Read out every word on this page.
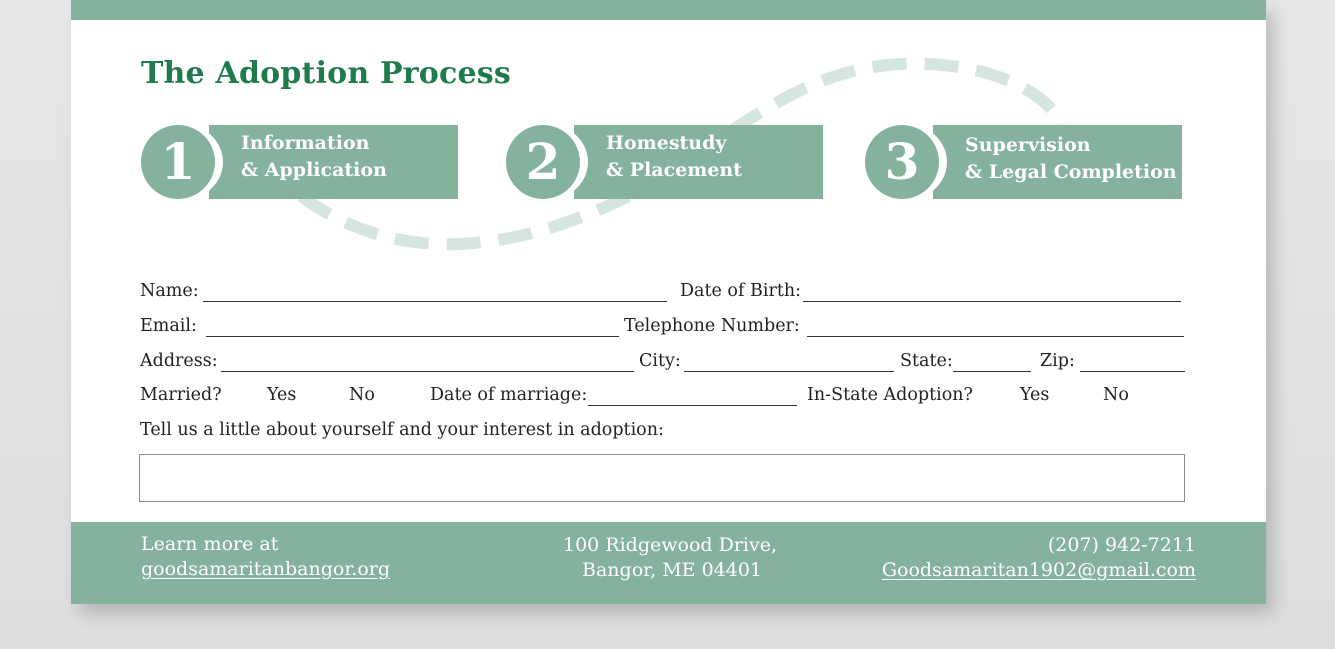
The Adoption Process
1	Information
& Application	2	Homestudy
& Placement	3	Supervision
& Legal Completion
Name:	Date of Birth:
Email:	Telephone Number:
Address:	City:	State:	Zip:
Married?	Yes	No	Date of marriage:	In-State Adoption?	Yes	No
Tell us a little about yourself and your interest in adoption:
Learn more at
goodsamaritanbangor.org
100 Ridgewood Drive,
Bangor, ME 04401
(207) 942-7211
Goodsamaritan1902@gmail.com
